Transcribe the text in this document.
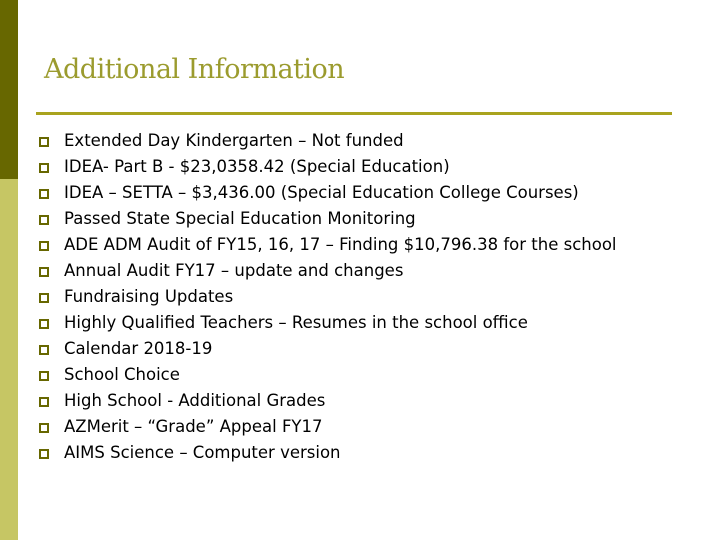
Additional Information
Extended Day Kindergarten – Not funded
IDEA- Part B - $23,0358.42 (Special Education)
IDEA – SETTA – $3,436.00 (Special Education College Courses)
Passed State Special Education Monitoring
ADE ADM Audit of FY15, 16, 17 – Finding $10,796.38 for the school
Annual Audit FY17 – update and changes
Fundraising Updates
Highly Qualified Teachers – Resumes in the school office
Calendar 2018-19
School Choice
High School - Additional Grades
AZMerit – “Grade” Appeal FY17
AIMS Science – Computer version
